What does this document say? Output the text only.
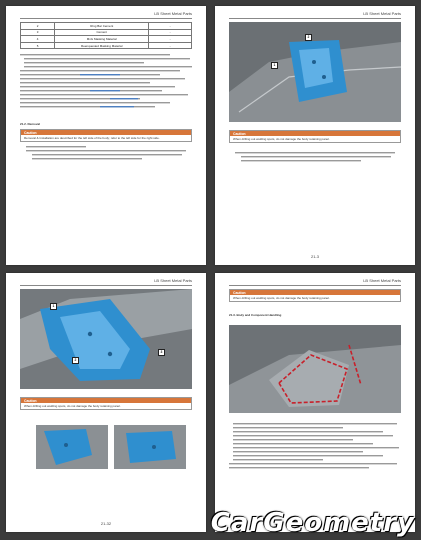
LB Sheet Metal Parts
2	Ring Bar Cement	-
3	Cement	-
4	MxG Masking Material	-
5	Reenquested Masking Material	-
21.2. Removal
Caution
Removal & Installation are described for the left side of the body; refer to the left side for the right side.
LB Sheet Metal Parts
1
2
Caution
When drilling out welding spots, do not damage the body retaining panel.
21-3
LB Sheet Metal Parts
1
2
3
Caution
When drilling out welding spots, do not damage the body retaining panel.
21-32
LB Sheet Metal Parts
Caution
When drilling out welding spots, do not damage the body retaining panel.
21.3. Body and Component Handling
CarGeometry
